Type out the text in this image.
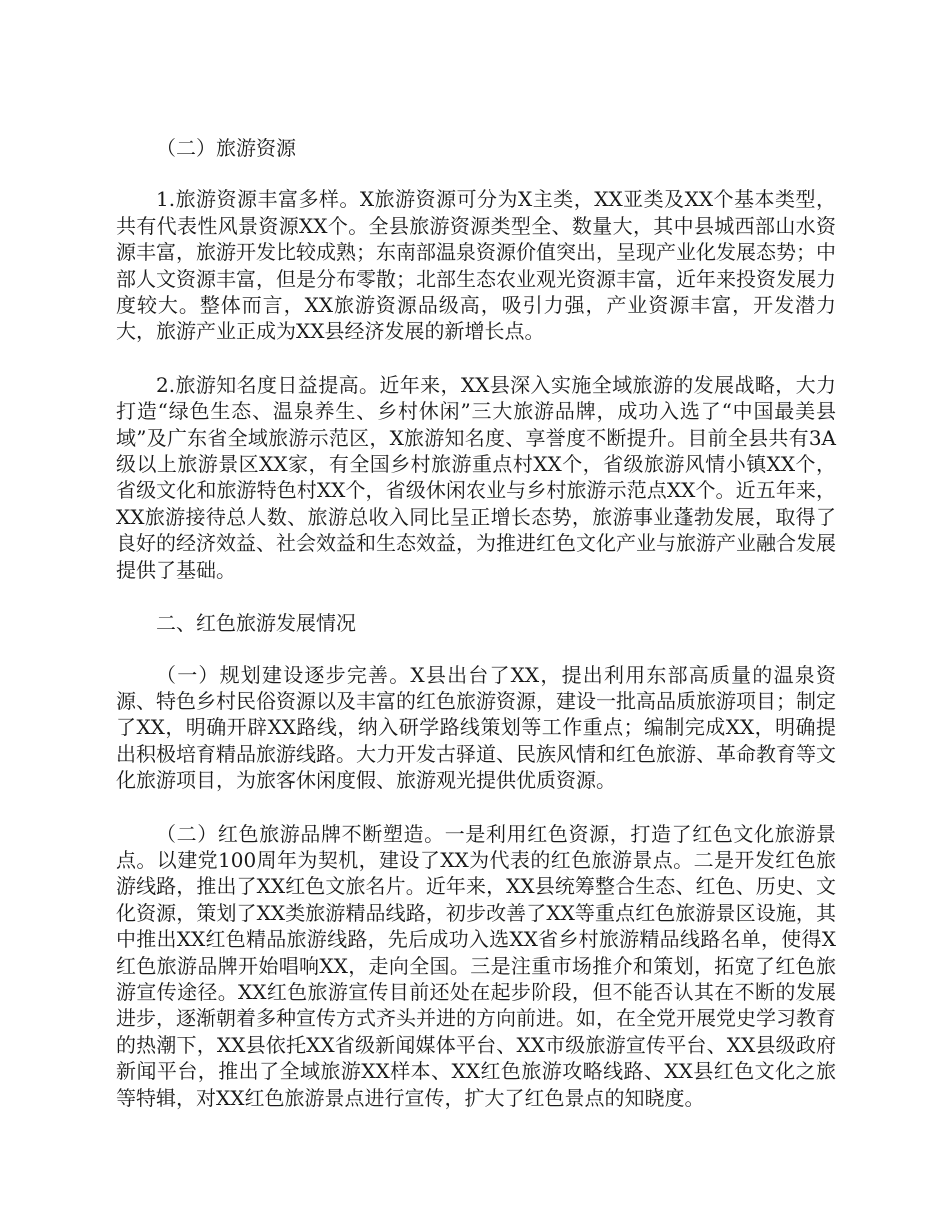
（二）旅游资源

1.旅游资源丰富多样。X旅游资源可分为X主类，XX亚类及XX个基本类型，共有代表性风景资源XX个。全县旅游资源类型全、数量大，其中县城西部山水资源丰富，旅游开发比较成熟；东南部温泉资源价值突出，呈现产业化发展态势；中部人文资源丰富，但是分布零散；北部生态农业观光资源丰富，近年来投资发展力度较大。整体而言，XX旅游资源品级高，吸引力强，产业资源丰富，开发潜力大，旅游产业正成为XX县经济发展的新增长点。

2.旅游知名度日益提高。近年来，XX县深入实施全域旅游的发展战略，大力打造“绿色生态、温泉养生、乡村休闲”三大旅游品牌，成功入选了“中国最美县域”及广东省全域旅游示范区，X旅游知名度、享誉度不断提升。目前全县共有3A级以上旅游景区XX家，有全国乡村旅游重点村XX个，省级旅游风情小镇XX个，省级文化和旅游特色村XX个，省级休闲农业与乡村旅游示范点XX个。近五年来，XX旅游接待总人数、旅游总收入同比呈正增长态势，旅游事业蓬勃发展，取得了良好的经济效益、社会效益和生态效益，为推进红色文化产业与旅游产业融合发展提供了基础。

二、红色旅游发展情况

（一）规划建设逐步完善。X县出台了XX，提出利用东部高质量的温泉资源、特色乡村民俗资源以及丰富的红色旅游资源，建设一批高品质旅游项目；制定了XX，明确开辟XX路线，纳入研学路线策划等工作重点；编制完成XX，明确提出积极培育精品旅游线路。大力开发古驿道、民族风情和红色旅游、革命教育等文化旅游项目，为旅客休闲度假、旅游观光提供优质资源。

（二）红色旅游品牌不断塑造。一是利用红色资源，打造了红色文化旅游景点。以建党100周年为契机，建设了XX为代表的红色旅游景点。二是开发红色旅游线路，推出了XX红色文旅名片。近年来，XX县统筹整合生态、红色、历史、文化资源，策划了XX类旅游精品线路，初步改善了XX等重点红色旅游景区设施，其中推出XX红色精品旅游线路，先后成功入选XX省乡村旅游精品线路名单，使得X红色旅游品牌开始唱响XX，走向全国。三是注重市场推介和策划，拓宽了红色旅游宣传途径。XX红色旅游宣传目前还处在起步阶段，但不能否认其在不断的发展进步，逐渐朝着多种宣传方式齐头并进的方向前进。如，在全党开展党史学习教育的热潮下，XX县依托XX省级新闻媒体平台、XX市级旅游宣传平台、XX县级政府新闻平台，推出了全域旅游XX样本、XX红色旅游攻略线路、XX县红色文化之旅等特辑，对XX红色旅游景点进行宣传，扩大了红色景点的知晓度。
